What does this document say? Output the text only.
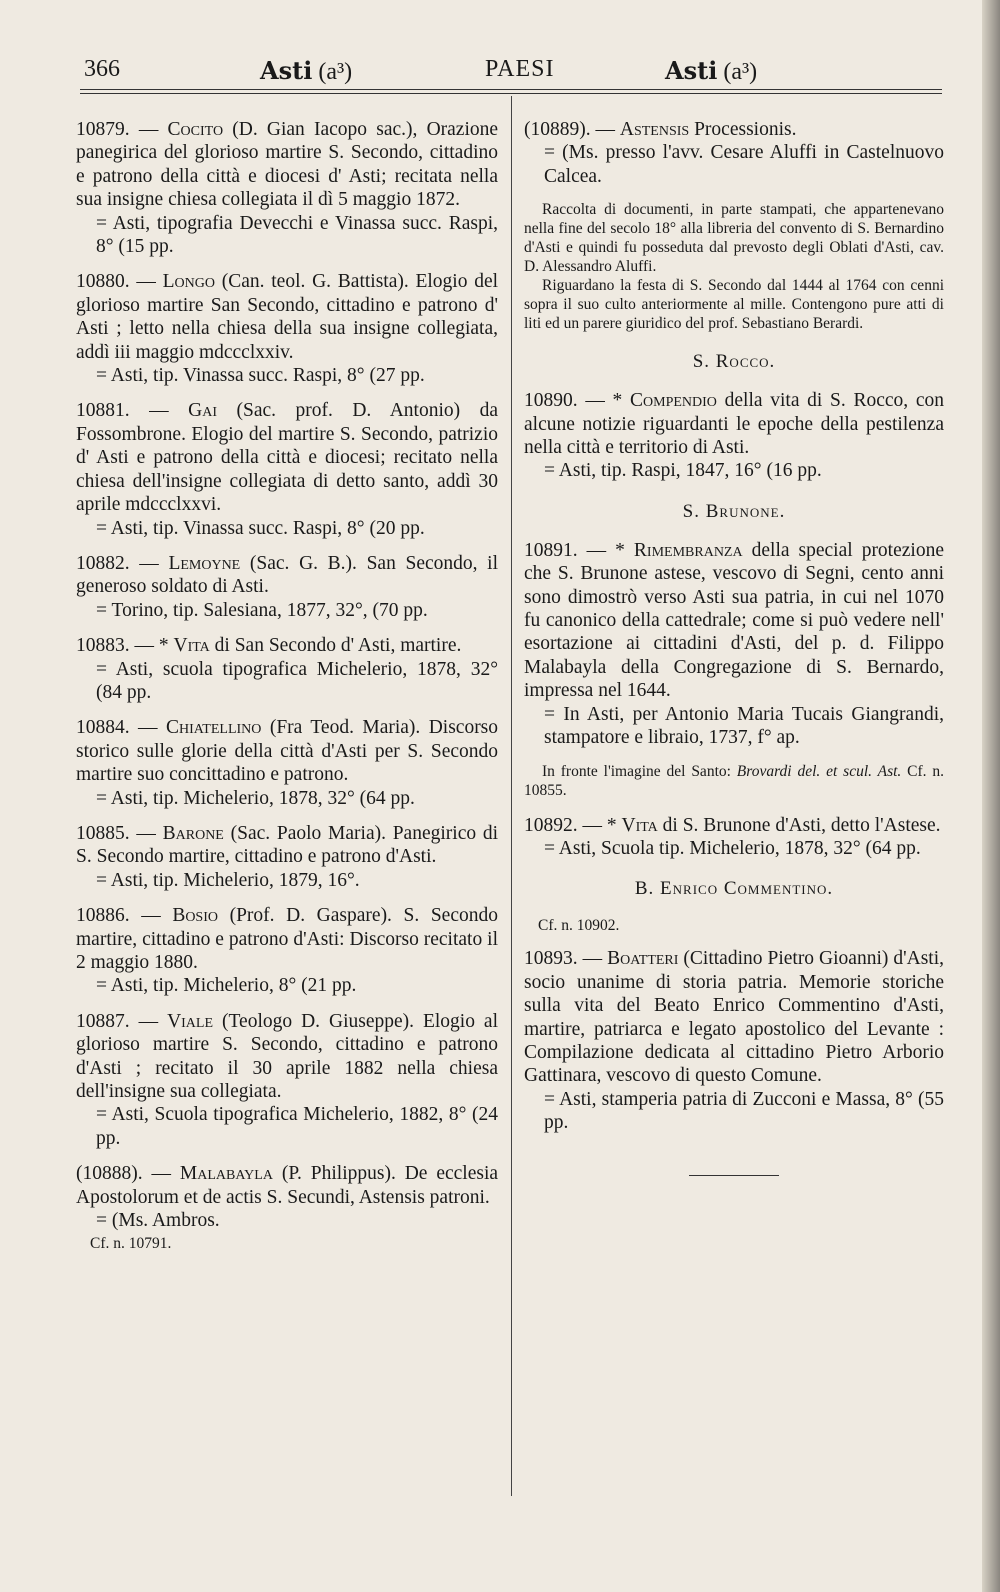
366	Asti (a³)	PAESI	Asti (a³)
10879. — Cocito (D. Gian Iacopo sac.), Orazione panegirica del glorioso martire S. Secondo, cittadino e patrono della città e diocesi d' Asti; recitata nella sua insigne chiesa collegiata il dì 5 maggio 1872.
= Asti, tipografia Devecchi e Vinassa succ. Raspi, 8° (15 pp.
10880. — Longo (Can. teol. G. Battista). Elogio del glorioso martire San Secondo, cittadino e patrono d' Asti ; letto nella chiesa della sua insigne collegiata, addì iii maggio mdccclxxiv.
= Asti, tip. Vinassa succ. Raspi, 8° (27 pp.
10881. — Gai (Sac. prof. D. Antonio) da Fossombrone. Elogio del martire S. Secondo, patrizio d' Asti e patrono della città e diocesi; recitato nella chiesa dell'insigne collegiata di detto santo, addì 30 aprile mdccclxxvi.
= Asti, tip. Vinassa succ. Raspi, 8° (20 pp.
10882. — Lemoyne (Sac. G. B.). San Secondo, il generoso soldato di Asti.
= Torino, tip. Salesiana, 1877, 32°, (70 pp.
10883. — * Vita di San Secondo d' Asti, martire.
= Asti, scuola tipografica Michelerio, 1878, 32° (84 pp.
10884. — Chiatellino (Fra Teod. Maria). Discorso storico sulle glorie della città d'Asti per S. Secondo martire suo concittadino e patrono.
= Asti, tip. Michelerio, 1878, 32° (64 pp.
10885. — Barone (Sac. Paolo Maria). Panegirico di S. Secondo martire, cittadino e patrono d'Asti.
= Asti, tip. Michelerio, 1879, 16°.
10886. — Bosio (Prof. D. Gaspare). S. Secondo martire, cittadino e patrono d'Asti: Discorso recitato il 2 maggio 1880.
= Asti, tip. Michelerio, 8° (21 pp.
10887. — Viale (Teologo D. Giuseppe). Elogio al glorioso martire S. Secondo, cittadino e patrono d'Asti ; recitato il 30 aprile 1882 nella chiesa dell'insigne sua collegiata.
= Asti, Scuola tipografica Michelerio, 1882, 8° (24 pp.
(10888). — Malabayla (P. Philippus). De ecclesia Apostolorum et de actis S. Secundi, Astensis patroni.
= (Ms. Ambros.
Cf. n. 10791.
(10889). — Astensis Processionis.
= (Ms. presso l'avv. Cesare Aluffi in Castelnuovo Calcea.

Raccolta di documenti, in parte stampati, che appartenevano nella fine del secolo 18° alla libreria del convento di S. Bernardino d'Asti e quindi fu posseduta dal prevosto degli Oblati d'Asti, cav. D. Alessandro Aluffi.

Riguardano la festa di S. Secondo dal 1444 al 1764 con cenni sopra il suo culto anteriormente al mille. Contengono pure atti di liti ed un parere giuridico del prof. Sebastiano Berardi.

S. Rocco.
10890. — * Compendio della vita di S. Rocco, con alcune notizie riguardanti le epoche della pestilenza nella città e territorio di Asti.
= Asti, tip. Raspi, 1847, 16° (16 pp.
S. Brunone.
10891. — * Rimembranza della special protezione che S. Brunone astese, vescovo di Segni, cento anni sono dimostrò verso Asti sua patria, in cui nel 1070 fu canonico della cattedrale; come si può vedere nell' esortazione ai cittadini d'Asti, del p. d. Filippo Malabayla della Congregazione di S. Bernardo, impressa nel 1644.
= In Asti, per Antonio Maria Tucais Giangrandi, stampatore e libraio, 1737, f° ap.

In fronte l'imagine del Santo: Brovardi del. et scul. Ast. Cf. n. 10855.

10892. — * Vita di S. Brunone d'Asti, detto l'Astese.
= Asti, Scuola tip. Michelerio, 1878, 32° (64 pp.
B. Enrico Commentino.
Cf. n. 10902.
10893. — Boatteri (Cittadino Pietro Gioanni) d'Asti, socio unanime di storia patria. Memorie storiche sulla vita del Beato Enrico Commentino d'Asti, martire, patriarca e legato apostolico del Levante : Compilazione dedicata al cittadino Pietro Arborio Gattinara, vescovo di questo Comune.
= Asti, stamperia patria di Zucconi e Massa, 8° (55 pp.
